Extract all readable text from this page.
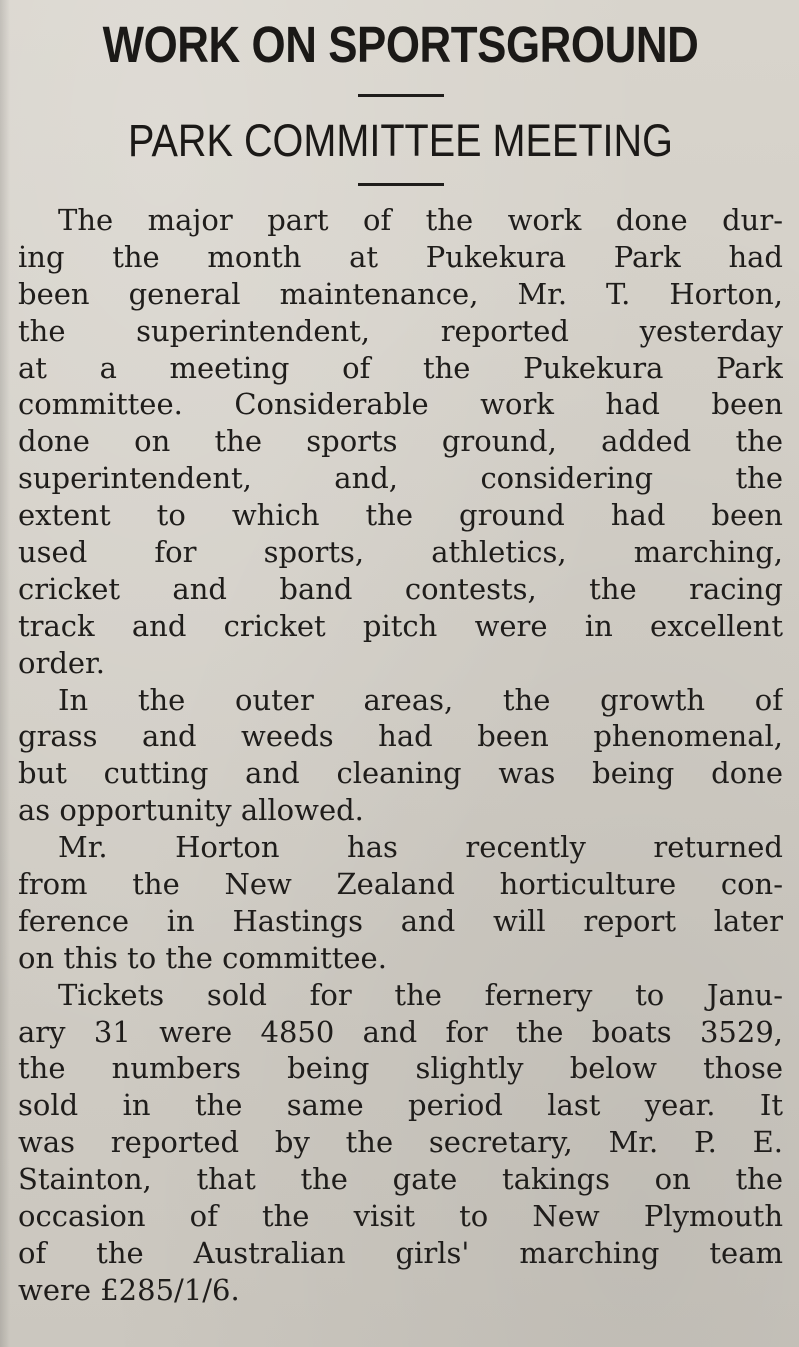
WORK ON SPORTSGROUND
PARK COMMITTEE MEETING
The major part of the work done dur-
ing the month at Pukekura Park had
been general maintenance, Mr. T. Horton,
the superintendent, reported yesterday
at a meeting of the Pukekura Park
committee. Considerable work had been
done on the sports ground, added the
superintendent, and, considering the
extent to which the ground had been
used for sports, athletics, marching,
cricket and band contests, the racing
track and cricket pitch were in excellent
order.
In the outer areas, the growth of
grass and weeds had been phenomenal,
but cutting and cleaning was being done
as opportunity allowed.
Mr. Horton has recently returned
from the New Zealand horticulture con-
ference in Hastings and will report later
on this to the committee.
Tickets sold for the fernery to Janu-
ary 31 were 4850 and for the boats 3529,
the numbers being slightly below those
sold in the same period last year. It
was reported by the secretary, Mr. P. E.
Stainton, that the gate takings on the
occasion of the visit to New Plymouth
of the Australian girls' marching team
were £285/1/6.
